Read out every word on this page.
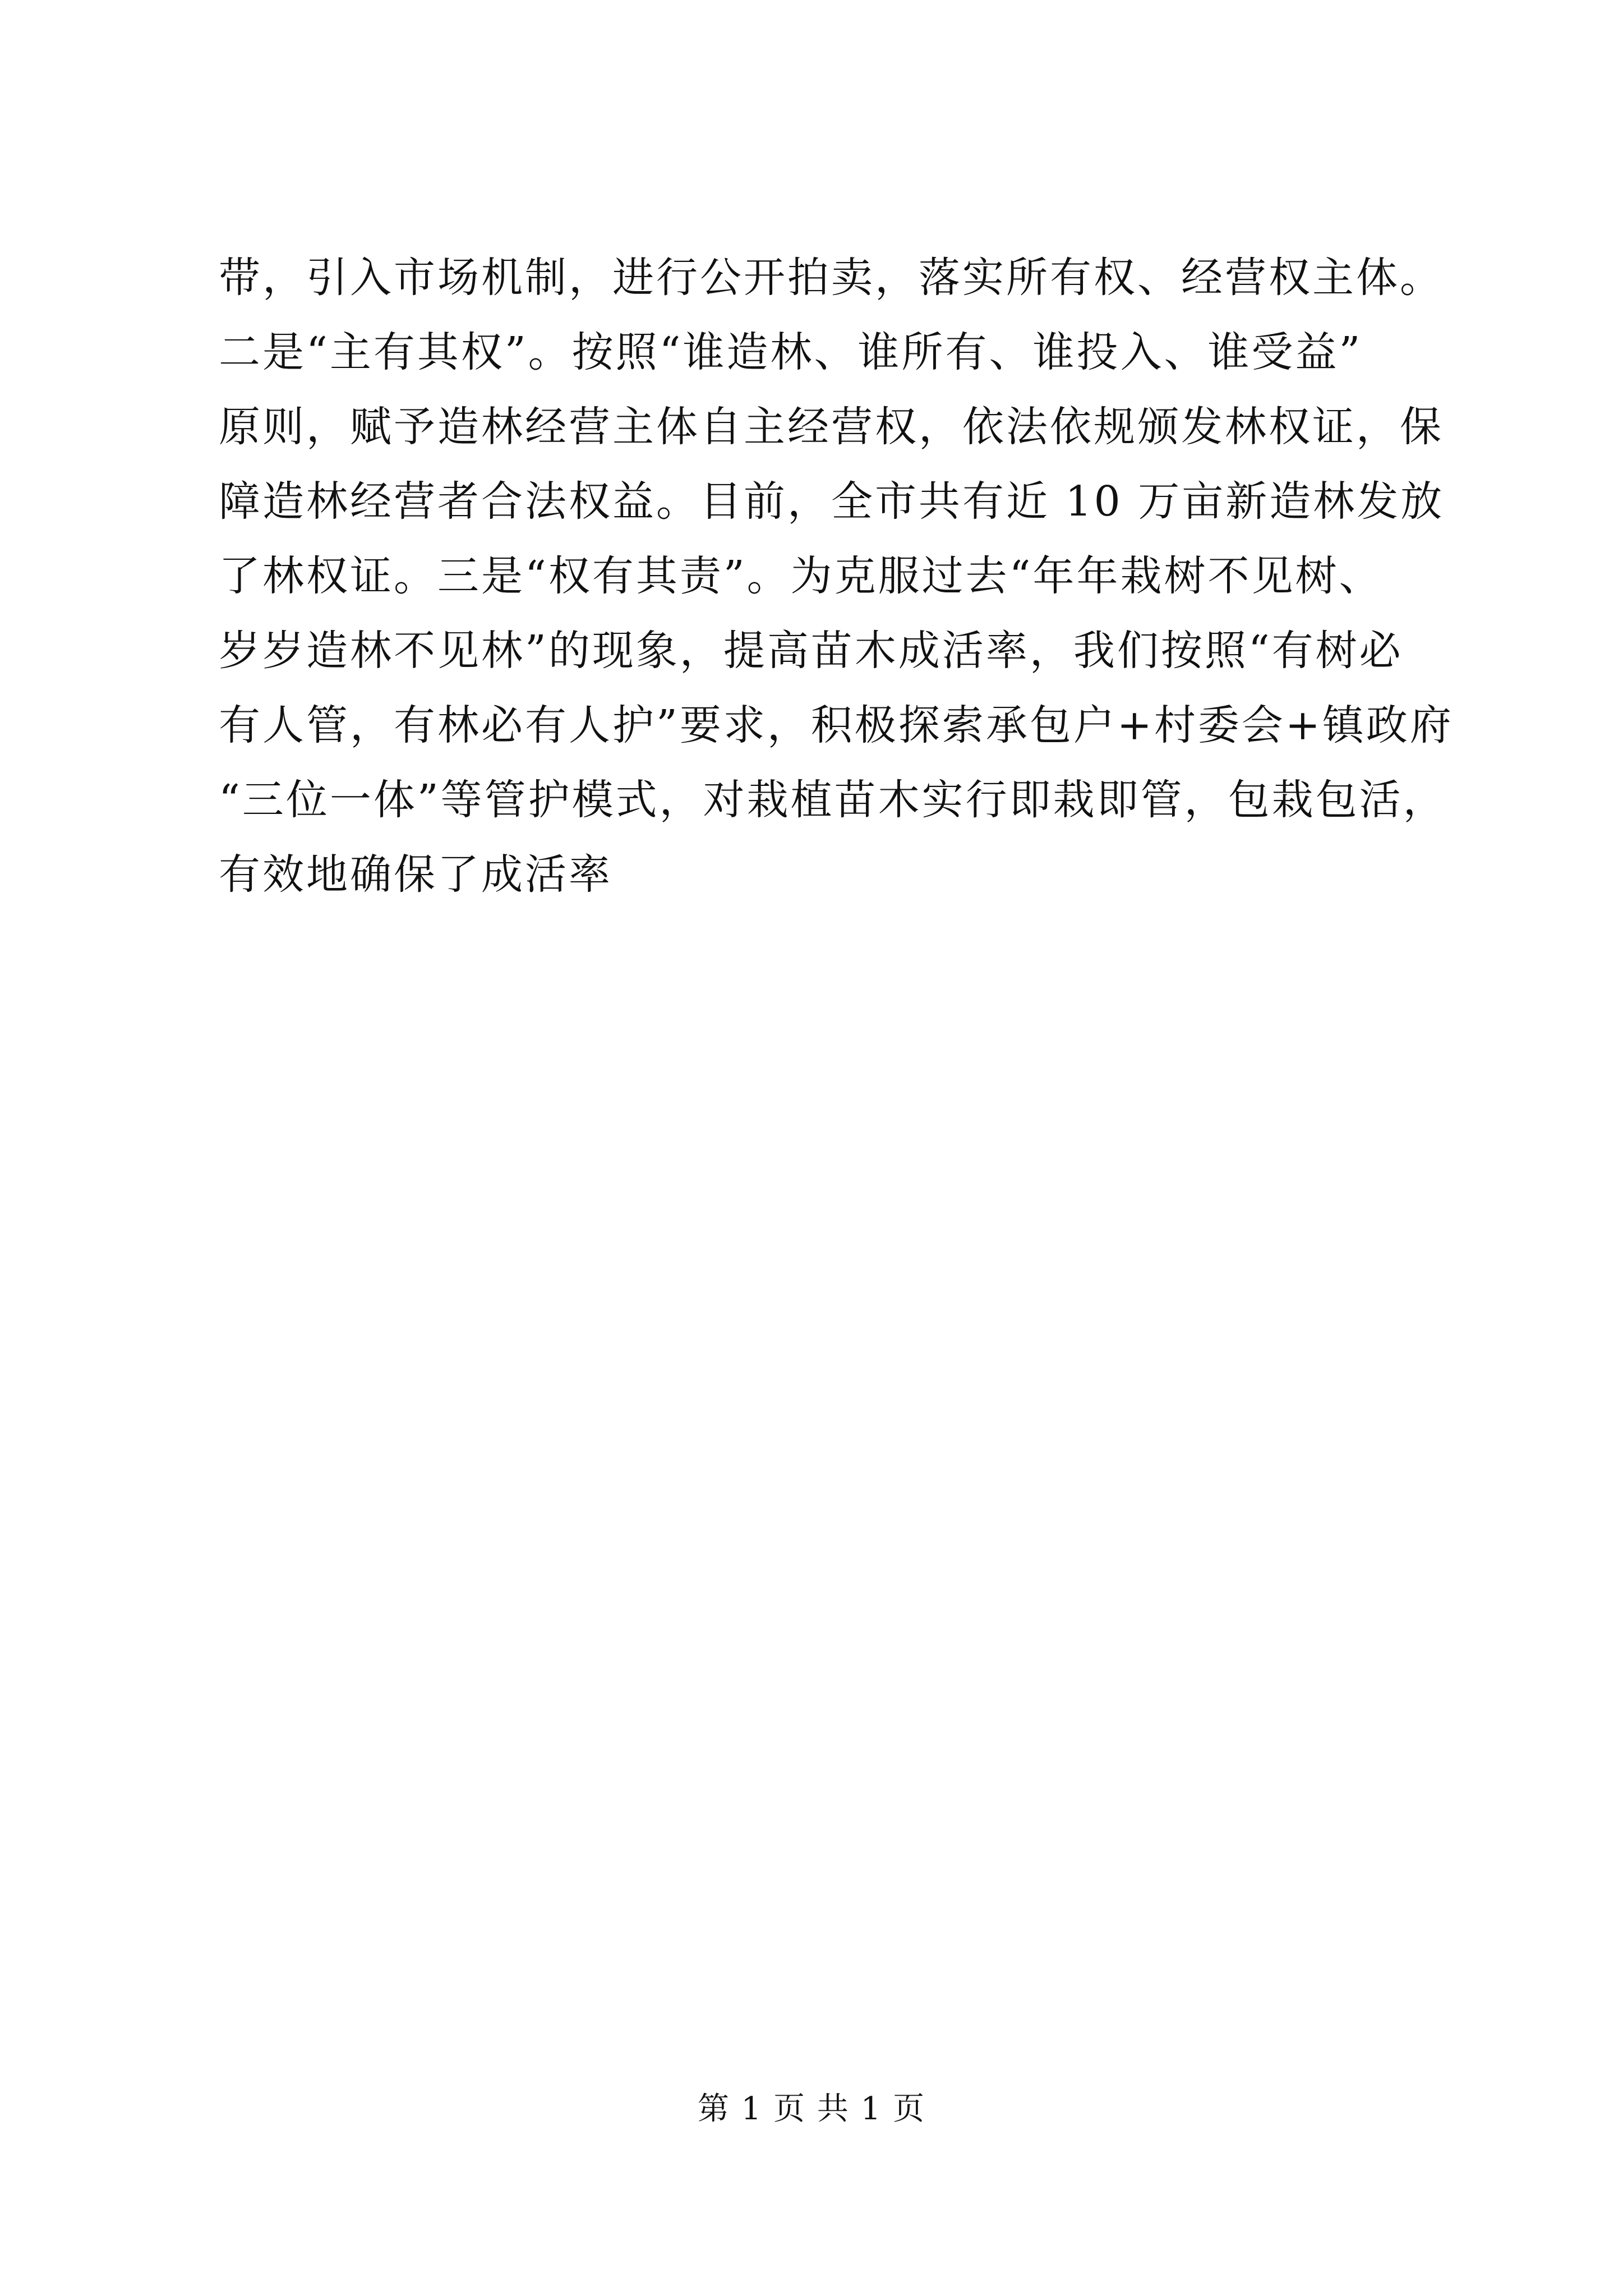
带，引入市场机制，进行公开拍卖，落实所有权、经营权主体。
二是“主有其权”。按照“谁造林、谁所有、谁投入、谁受益”
原则，赋予造林经营主体自主经营权，依法依规颁发林权证，保
障造林经营者合法权益。目前，全市共有近 10 万亩新造林发放
了林权证。三是“权有其责”。为克服过去“年年栽树不见树、
岁岁造林不见林”的现象，提高苗木成活率，我们按照“有树必
有人管，有林必有人护”要求，积极探索承包户+村委会+镇政府
“三位一体”等管护模式，对栽植苗木实行即栽即管，包栽包活，
有效地确保了成活率
第 1 页 共 1 页
